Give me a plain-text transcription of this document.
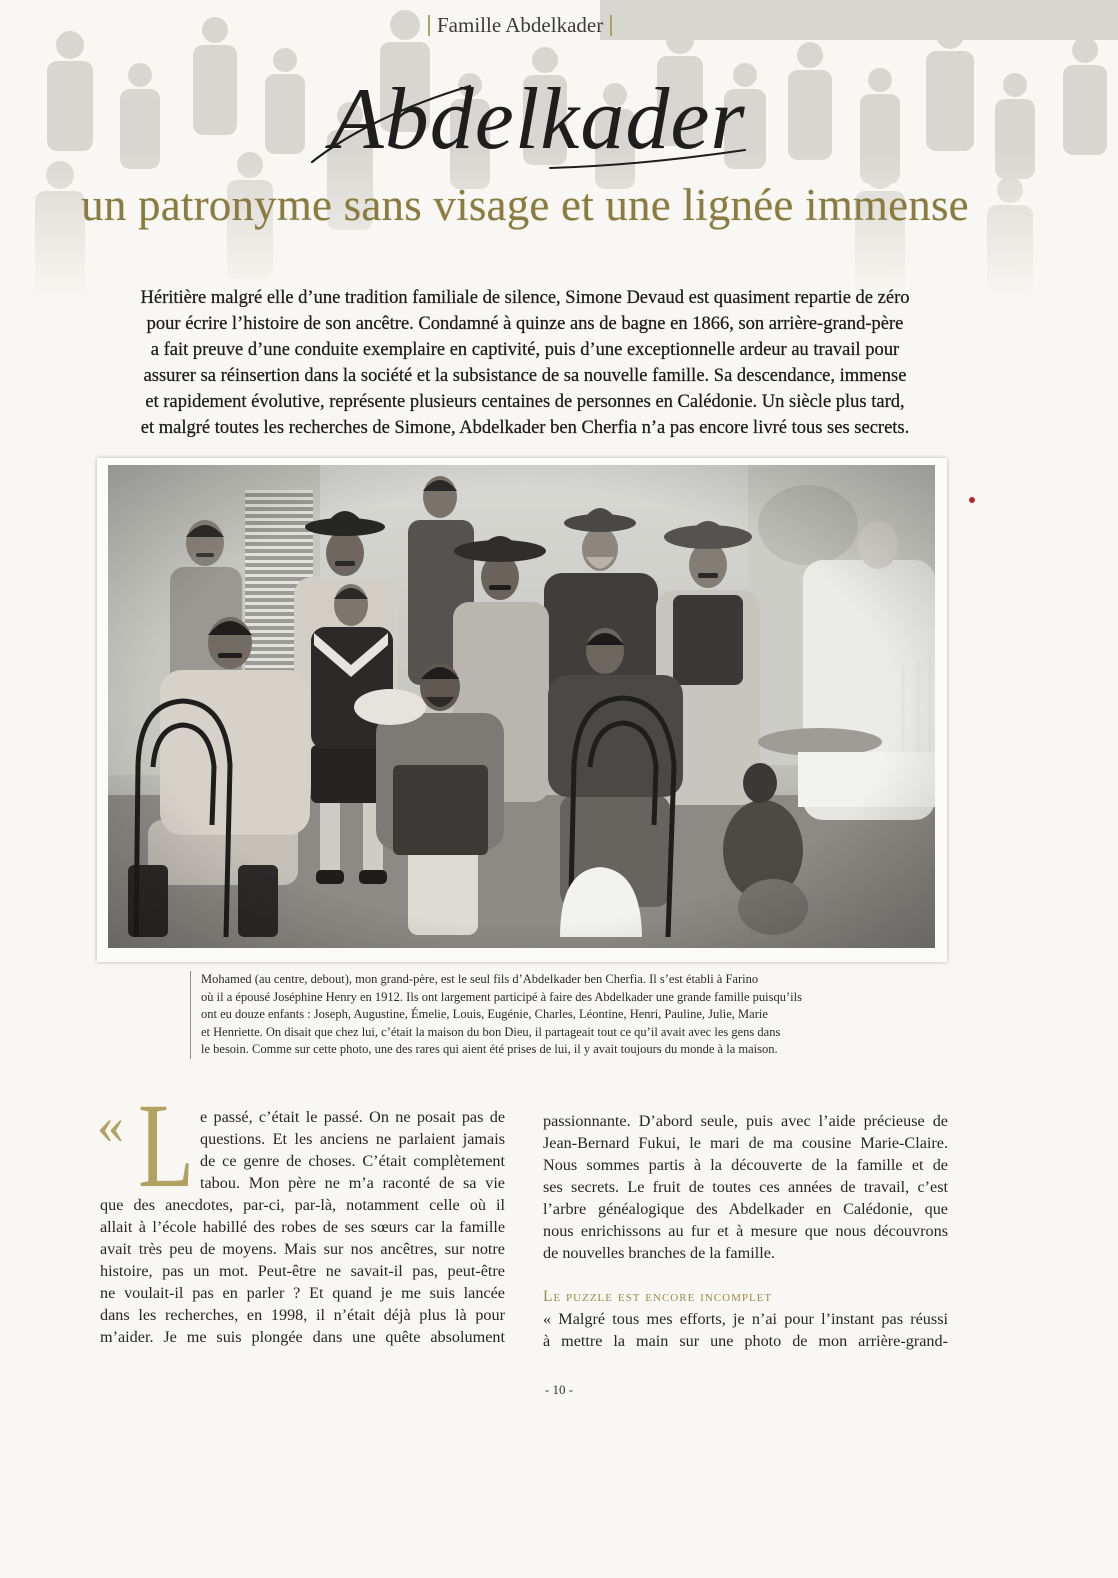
Famille Abdelkader
Abdelkader
un patronyme sans visage et une lignée immense
Héritière malgré elle d’une tradition familiale de silence, Simone Devaud est quasiment repartie de zéro
pour écrire l’histoire de son ancêtre. Condamné à quinze ans de bagne en 1866, son arrière-grand-père
a fait preuve d’une conduite exemplaire en captivité, puis d’une exceptionnelle ardeur au travail pour
assurer sa réinsertion dans la société et la subsistance de sa nouvelle famille. Sa descendance, immense
et rapidement évolutive, représente plusieurs centaines de personnes en Calédonie. Un siècle plus tard,
et malgré toutes les recherches de Simone, Abdelkader ben Cherfia n’a pas encore livré tous ses secrets.
Mohamed (au centre, debout), mon grand-père, est le seul fils d’Abdelkader ben Cherfia. Il s’est établi à Farino
où il a épousé Joséphine Henry en 1912. Ils ont largement participé à faire des Abdelkader une grande famille puisqu’ils
ont eu douze enfants : Joseph, Augustine, Émelie, Louis, Eugénie, Charles, Léontine, Henri, Pauline, Julie, Marie
et Henriette. On disait que chez lui, c’était la maison du bon Dieu, il partageait tout ce qu’il avait avec les gens dans
le besoin. Comme sur cette photo, une des rares qui aient été prises de lui, il y avait toujours du monde à la maison.
« L e passé, c’était le passé. On ne posait pas de
questions. Et les anciens ne parlaient jamais
de ce genre de choses. C’était complètement
tabou. Mon père ne m’a raconté de sa vie
que des anecdotes, par-ci, par-là, notamment celle où il
allait à l’école habillé des robes de ses sœurs car la famille
avait très peu de moyens. Mais sur nos ancêtres, sur notre
histoire, pas un mot. Peut-être ne savait-il pas, peut-être
ne voulait-il pas en parler ? Et quand je me suis lancée
dans les recherches, en 1998, il n’était déjà plus là pour
m’aider. Je me suis plongée dans une quête absolument
passionnante. D’abord seule, puis avec l’aide précieuse de
Jean-Bernard Fukui, le mari de ma cousine Marie-Claire.
Nous sommes partis à la découverte de la famille et de
ses secrets. Le fruit de toutes ces années de travail, c’est
l’arbre généalogique des Abdelkader en Calédonie, que
nous enrichissons au fur et à mesure que nous découvrons
de nouvelles branches de la famille.
Le puzzle est encore incomplet
« Malgré tous mes efforts, je n’ai pour l’instant pas réussi
à mettre la main sur une photo de mon arrière-grand-
- 10 -
